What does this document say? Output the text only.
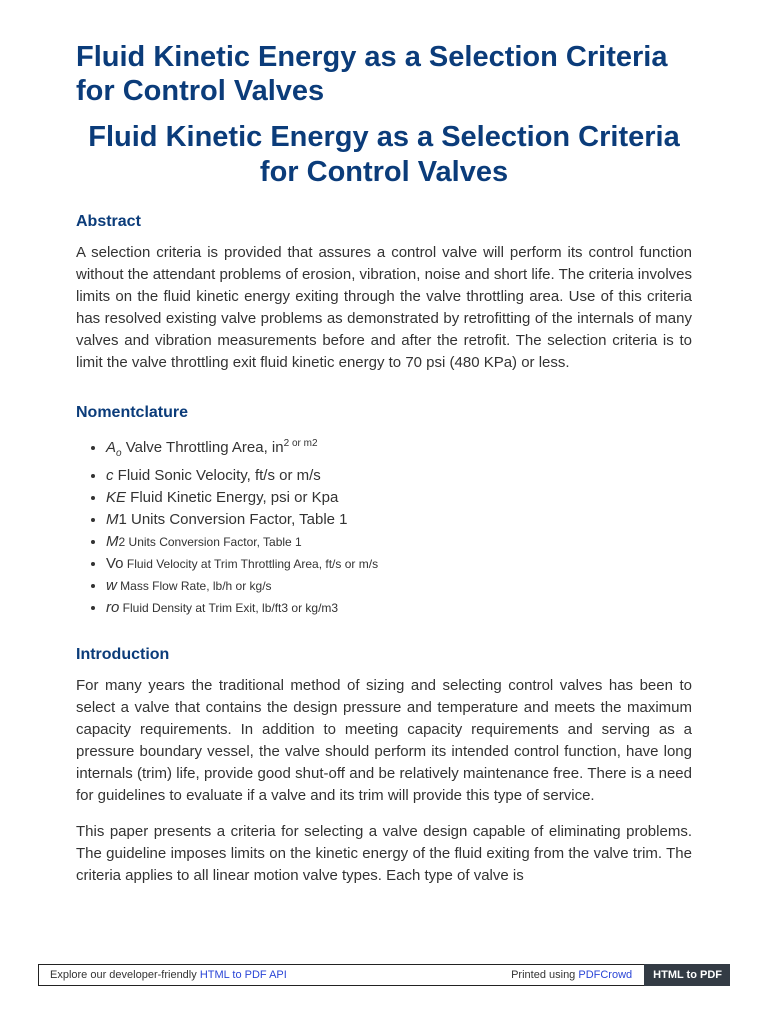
Fluid Kinetic Energy as a Selection Criteria for Control Valves
Fluid Kinetic Energy as a Selection Criteria
for Control Valves
Abstract

A selection criteria is provided that assures a control valve will perform its control function without the attendant problems of erosion, vibration, noise and short life. The criteria involves limits on the fluid kinetic energy exiting through the valve throttling area. Use of this criteria has resolved existing valve problems as demonstrated by retrofitting of the internals of many valves and vibration measurements before and after the retrofit. The selection criteria is to limit the valve throttling exit fluid kinetic energy to 70 psi (480 KPa) or less.

Nomentclature
• $A_o$ Valve Throttling Area, $in^{2 or m2}$
• c Fluid Sonic Velocity, ft/s or m/s
• KE Fluid Kinetic Energy, psi or Kpa
• M1 Units Conversion Factor, Table 1
• M2 Units Conversion Factor, Table 1
• Vo Fluid Velocity at Trim Throttling Area, ft/s or m/s
• w Mass Flow Rate, lb/h or kg/s
• ro Fluid Density at Trim Exit, lb/ft3 or kg/m3
Introduction

For many years the traditional method of sizing and selecting control valves has been to select a valve that contains the design pressure and temperature and meets the maximum capacity requirements. In addition to meeting capacity requirements and serving as a pressure boundary vessel, the valve should perform its intended control function, have long internals (trim) life, provide good shut-off and be relatively maintenance free. There is a need for guidelines to evaluate if a valve and its trim will provide this type of service.

This paper presents a criteria for selecting a valve design capable of eliminating problems. The guideline imposes limits on the kinetic energy of the fluid exiting from the valve trim. The criteria applies to all linear motion valve types. Each type of valve is

Explore our developer-friendly HTML to PDF API	Printed using PDFCrowd	HTML to PDF
